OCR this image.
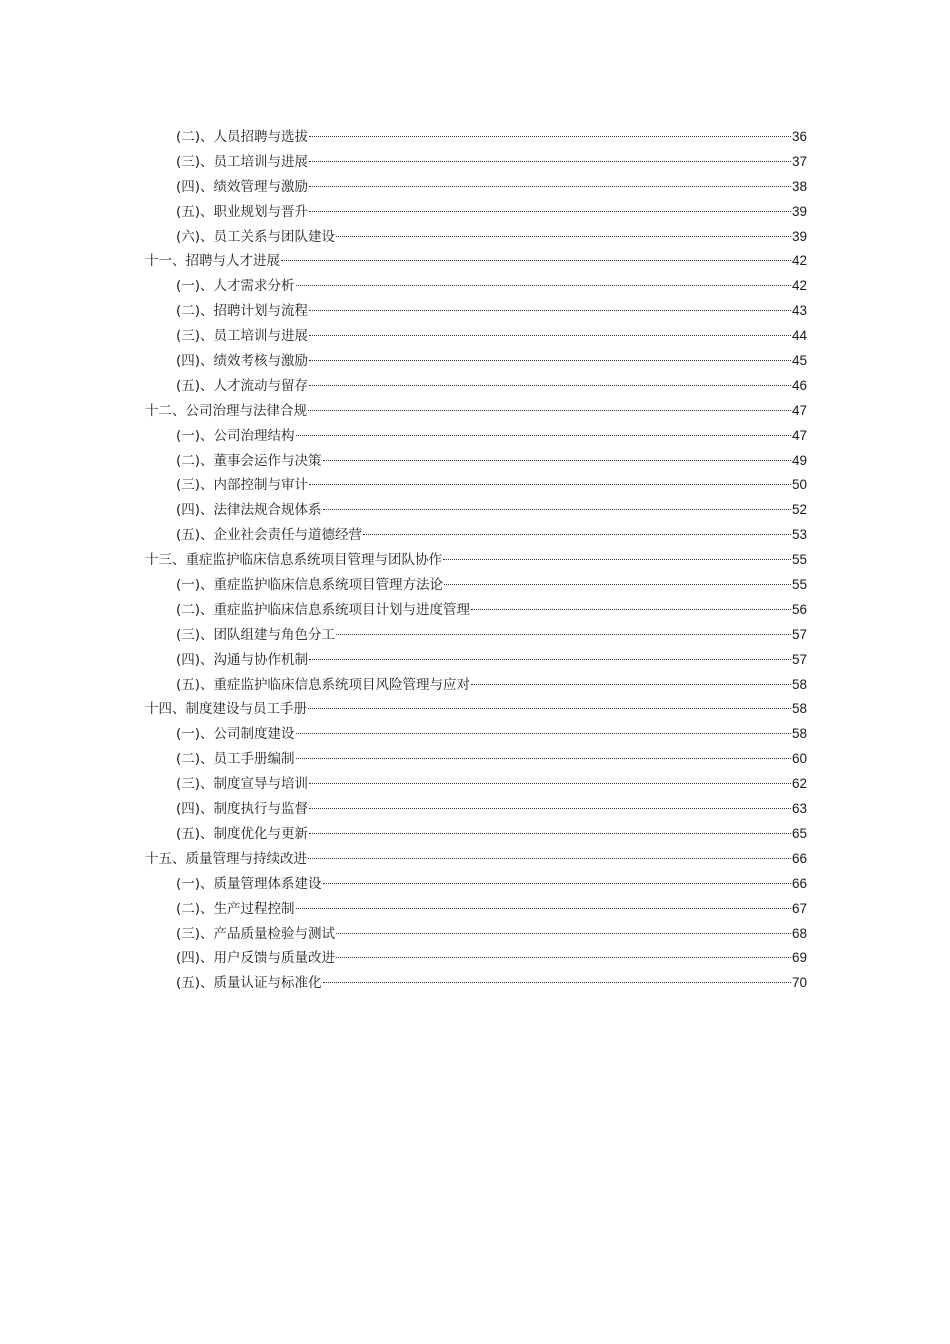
(二)、人员招聘与选拔	36
(三)、员工培训与进展	37
(四)、绩效管理与激励	38
(五)、职业规划与晋升	39
(六)、员工关系与团队建设	39
十一、招聘与人才进展	42
(一)、人才需求分析	42
(二)、招聘计划与流程	43
(三)、员工培训与进展	44
(四)、绩效考核与激励	45
(五)、人才流动与留存	46
十二、公司治理与法律合规	47
(一)、公司治理结构	47
(二)、董事会运作与决策	49
(三)、内部控制与审计	50
(四)、法律法规合规体系	52
(五)、企业社会责任与道德经营	53
十三、重症监护临床信息系统项目管理与团队协作	55
(一)、重症监护临床信息系统项目管理方法论	55
(二)、重症监护临床信息系统项目计划与进度管理	56
(三)、团队组建与角色分工	57
(四)、沟通与协作机制	57
(五)、重症监护临床信息系统项目风险管理与应对	58
十四、制度建设与员工手册	58
(一)、公司制度建设	58
(二)、员工手册编制	60
(三)、制度宣导与培训	62
(四)、制度执行与监督	63
(五)、制度优化与更新	65
十五、质量管理与持续改进	66
(一)、质量管理体系建设	66
(二)、生产过程控制	67
(三)、产品质量检验与测试	68
(四)、用户反馈与质量改进	69
(五)、质量认证与标准化	70
